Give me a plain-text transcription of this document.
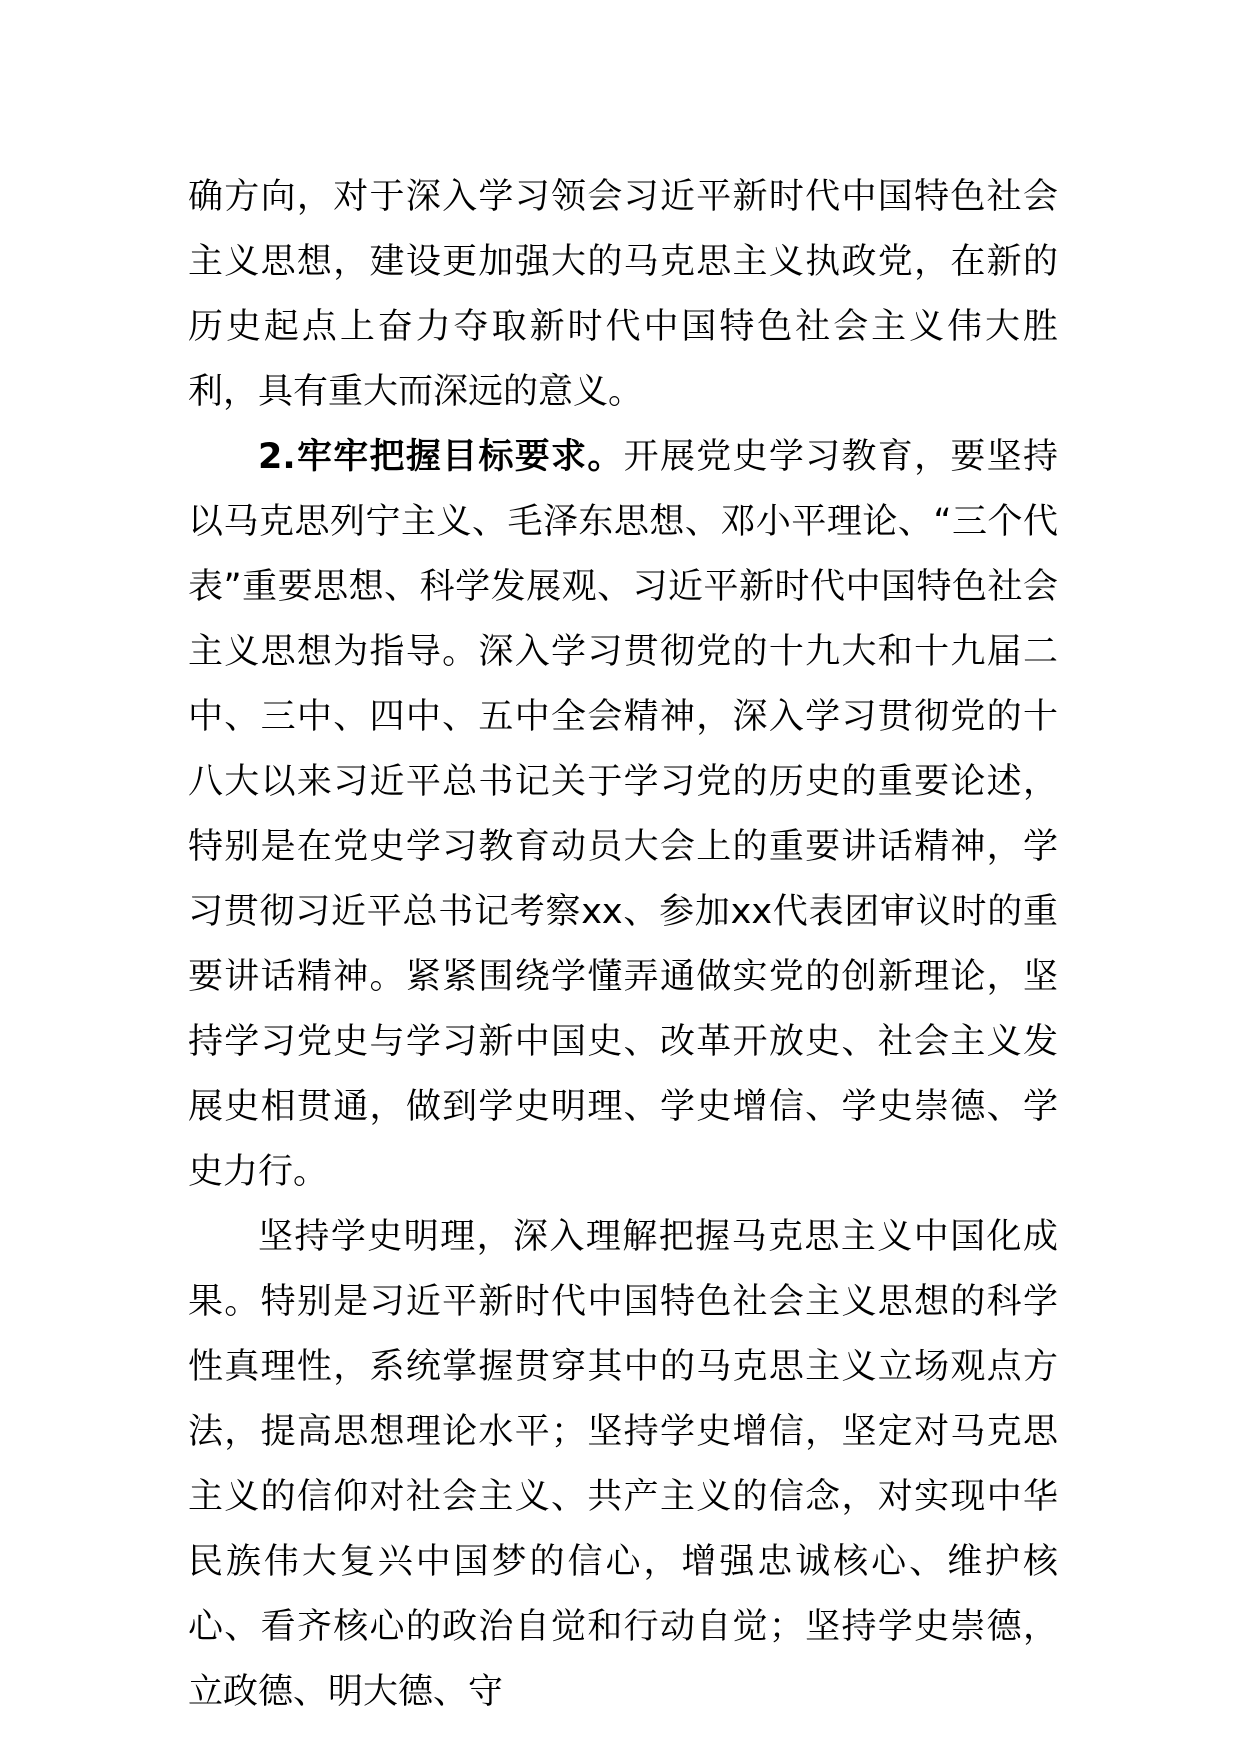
确方向，对于深入学习领会习近平新时代中国特色社会主义思想，建设更加强大的马克思主义执政党，在新的历史起点上奋力夺取新时代中国特色社会主义伟大胜利，具有重大而深远的意义。

2.牢牢把握目标要求。开展党史学习教育，要坚持以马克思列宁主义、毛泽东思想、邓小平理论、“三个代表”重要思想、科学发展观、习近平新时代中国特色社会主义思想为指导。深入学习贯彻党的十九大和十九届二中、三中、四中、五中全会精神，深入学习贯彻党的十八大以来习近平总书记关于学习党的历史的重要论述，特别是在党史学习教育动员大会上的重要讲话精神，学习贯彻习近平总书记考察xx、参加xx代表团审议时的重要讲话精神。紧紧围绕学懂弄通做实党的创新理论，坚持学习党史与学习新中国史、改革开放史、社会主义发展史相贯通，做到学史明理、学史增信、学史崇德、学史力行。

坚持学史明理，深入理解把握马克思主义中国化成果。特别是习近平新时代中国特色社会主义思想的科学性真理性，系统掌握贯穿其中的马克思主义立场观点方法，提高思想理论水平；坚持学史增信，坚定对马克思主义的信仰对社会主义、共产主义的信念，对实现中华民族伟大复兴中国梦的信心，增强忠诚核心、维护核心、看齐核心的政治自觉和行动自觉；坚持学史崇德，立政德、明大德、守
